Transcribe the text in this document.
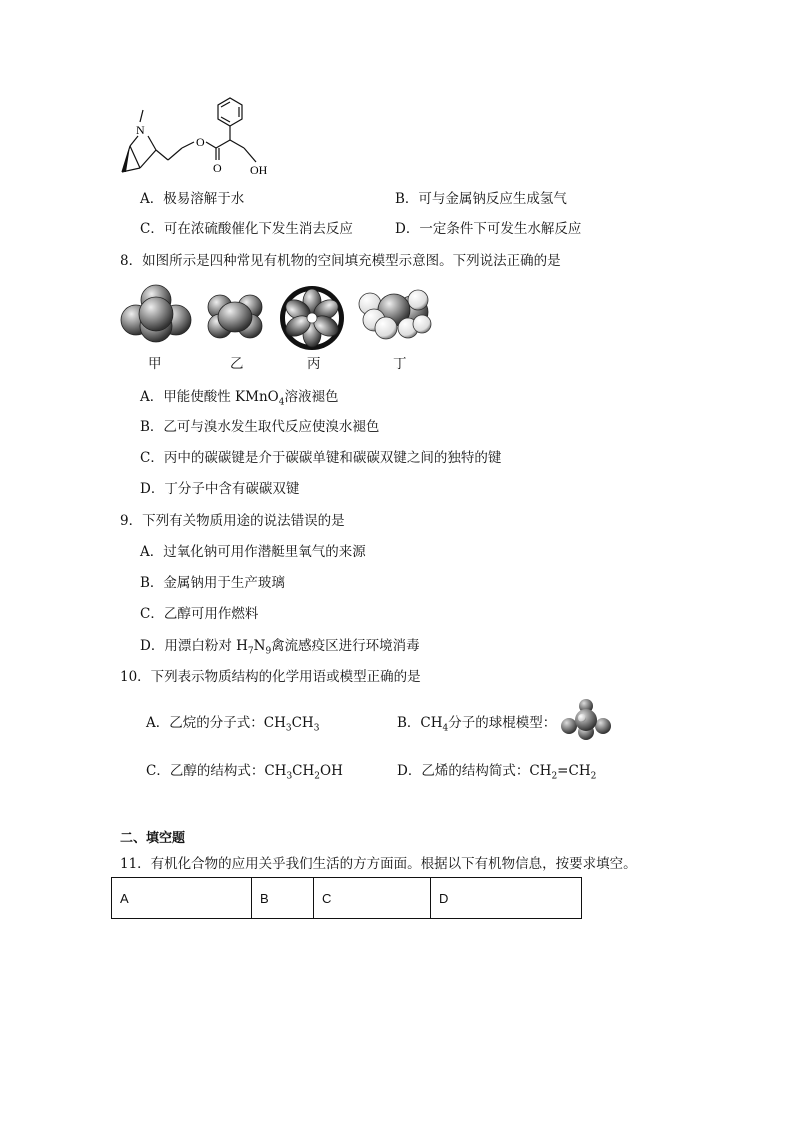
N
O
O OH
A．极易溶解于水	B．可与金属钠反应生成氢气
C．可在浓硫酸催化下发生消去反应	D．一定条件下可发生水解反应
8．如图所示是四种常见有机物的空间填充模型示意图。下列说法正确的是
甲	乙	丙	丁
A．甲能使酸性 KMnO$_4$溶液褪色
B．乙可与溴水发生取代反应使溴水褪色
C．丙中的碳碳键是介于碳碳单键和碳碳双键之间的独特的键
D．丁分子中含有碳碳双键
9．下列有关物质用途的说法错误的是
A．过氧化钠可用作潜艇里氧气的来源
B．金属钠用于生产玻璃
C．乙醇可用作燃料
D．用漂白粉对 $H_7N_9$禽流感疫区进行环境消毒
10．下列表示物质结构的化学用语或模型正确的是
A．乙烷的分子式：$CH_3CH_3$	B．$CH_4$分子的球棍模型：
C．乙醇的结构式：$CH_3CH_2OH$	D．乙烯的结构简式：$CH_2=CH_2$
二、填空题
11．有机化合物的应用关乎我们生活的方方面面。根据以下有机物信息，按要求填空。
A	B	C	D
